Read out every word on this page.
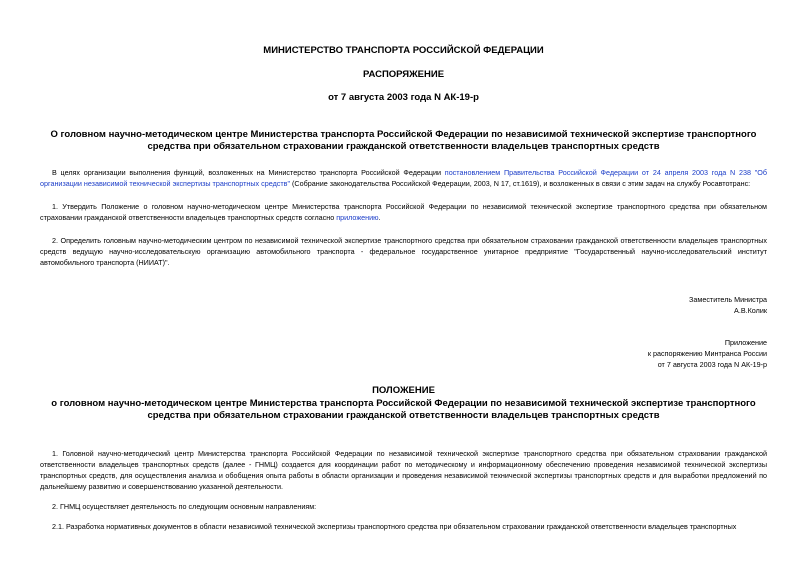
МИНИСТЕРСТВО ТРАНСПОРТА РОССИЙСКОЙ ФЕДЕРАЦИИ
РАСПОРЯЖЕНИЕ
от 7 августа 2003 года N АК-19-р
О головном научно-методическом центре Министерства транспорта Российской Федерации по независимой технической экспертизе транспортного средства при обязательном страховании гражданской ответственности владельцев транспортных средств
В целях организации выполнения функций, возложенных на Министерство транспорта Российской Федерации постановлением Правительства Российской Федерации от 24 апреля 2003 года N 238 "Об организации независимой технической экспертизы транспортных средств" (Собрание законодательства Российской Федерации, 2003, N 17, ст.1619), и возложенных в связи с этим задач на службу Росавтотранс:
1. Утвердить Положение о головном научно-методическом центре Министерства транспорта Российской Федерации по независимой технической экспертизе транспортного средства при обязательном страховании гражданской ответственности владельцев транспортных средств согласно приложению.
2. Определить головным научно-методическим центром по независимой технической экспертизе транспортного средства при обязательном страховании гражданской ответственности владельцев транспортных средств ведущую научно-исследовательскую организацию автомобильного транспорта - федеральное государственное унитарное предприятие "Государственный научно-исследовательский институт автомобильного транспорта (НИИАТ)".
Заместитель Министра
А.В.Колик
Приложение
к распоряжению Минтранса России
от 7 августа 2003 года N АК-19-р
ПОЛОЖЕНИЕ
о головном научно-методическом центре Министерства транспорта Российской Федерации по независимой технической экспертизе транспортного средства при обязательном страховании гражданской ответственности владельцев транспортных средств
1. Головной научно-методический центр Министерства транспорта Российской Федерации по независимой технической экспертизе транспортного средства при обязательном страховании гражданской ответственности владельцев транспортных средств (далее - ГНМЦ) создается для координации работ по методическому и информационному обеспечению проведения независимой технической экспертизы транспортных средств, для осуществления анализа и обобщения опыта работы в области организации и проведения независимой технической экспертизы транспортных средств и для выработки предложений по дальнейшему развитию и совершенствованию указанной деятельности.
2. ГНМЦ осуществляет деятельность по следующим основным направлениям:
2.1. Разработка нормативных документов в области независимой технической экспертизы транспортного средства при обязательном страховании гражданской ответственности владельцев транспортных
